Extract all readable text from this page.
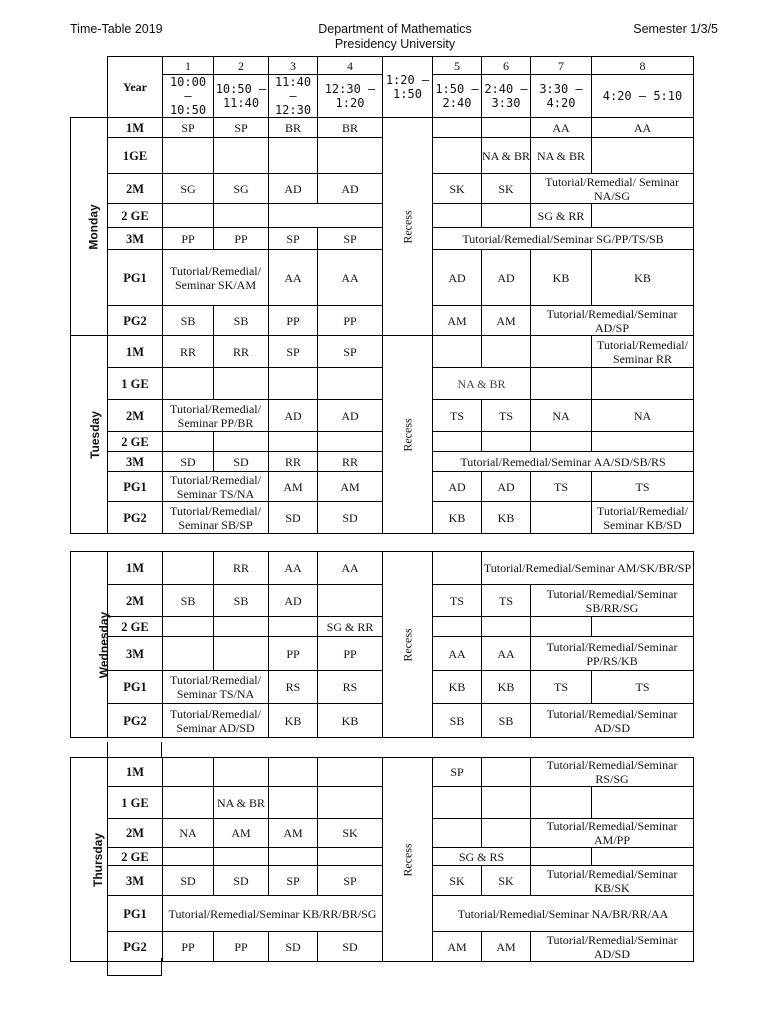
Time-Table 2019	Department of Mathematics
Presidency University
Semester 1/3/5
	Year	1	2	3	4	1:20 – 1:50	5	6	7	8
		10:00 – 10:50	10:50 – 11:40	11:40 – 12:30	12:30 – 1:20		1:50 – 2:40	2:40 – 3:30	3:30 – 4:20	4:20 – 5:10
Monday	1M	SP	SP	BR	BR	Recess			AA	AA
	1GE							NA & BR	NA & BR	
	2M	SG	SG	AD	AD		SK	SK	Tutorial/Remedial/ Seminar NA/SG	
	2 GE								SG & RR	
	3M	PP	PP	SP	SP		Tutorial/Remedial/Seminar SG/PP/TS/SB			
	PG1	Tutorial/Remedial/ Seminar SK/AM		AA	AA		AD	AD	KB	KB
	PG2	SB	SB	PP	PP		AM	AM	Tutorial/Remedial/Seminar AD/SP	
Tuesday	1M	RR	RR	SP	SP	Recess				Tutorial/Remedial/ Seminar RR
	1 GE						NA & BR			
	2M	Tutorial/Remedial/ Seminar PP/BR		AD	AD		TS	TS	NA	NA
	2 GE									
	3M	SD	SD	RR	RR		Tutorial/Remedial/Seminar AA/SD/SB/RS			
	PG1	Tutorial/Remedial/ Seminar TS/NA		AM	AM		AD	AD	TS	TS
	PG2	Tutorial/Remedial/ Seminar SB/SP		SD	SD		KB	KB		Tutorial/Remedial/ Seminar KB/SD
Wednesday	1M		RR	AA	AA	Recess		Tutorial/Remedial/Seminar AM/SK/BR/SP		
	2M	SB	SB	AD			TS	TS	Tutorial/Remedial/Seminar SB/RR/SG	
	2 GE				SG & RR					
	3M			PP	PP		AA	AA	Tutorial/Remedial/Seminar PP/RS/KB	
	PG1	Tutorial/Remedial/ Seminar TS/NA		RS	RS		KB	KB	TS	TS
	PG2	Tutorial/Remedial/ Seminar AD/SD		KB	KB		SB	SB	Tutorial/Remedial/Seminar AD/SD	
Thursday	1M					Recess	SP		Tutorial/Remedial/Seminar RS/SG	
	1 GE		NA & BR							
	2M	NA	AM	AM	SK				Tutorial/Remedial/Seminar AM/PP	
	2 GE						SG & RS			
	3M	SD	SD	SP	SP		SK	SK	Tutorial/Remedial/Seminar KB/SK	
	PG1	Tutorial/Remedial/Seminar KB/RR/BR/SG					Tutorial/Remedial/Seminar NA/BR/RR/AA			
	PG2	PP	PP	SD	SD		AM	AM	Tutorial/Remedial/Seminar AD/SD	
